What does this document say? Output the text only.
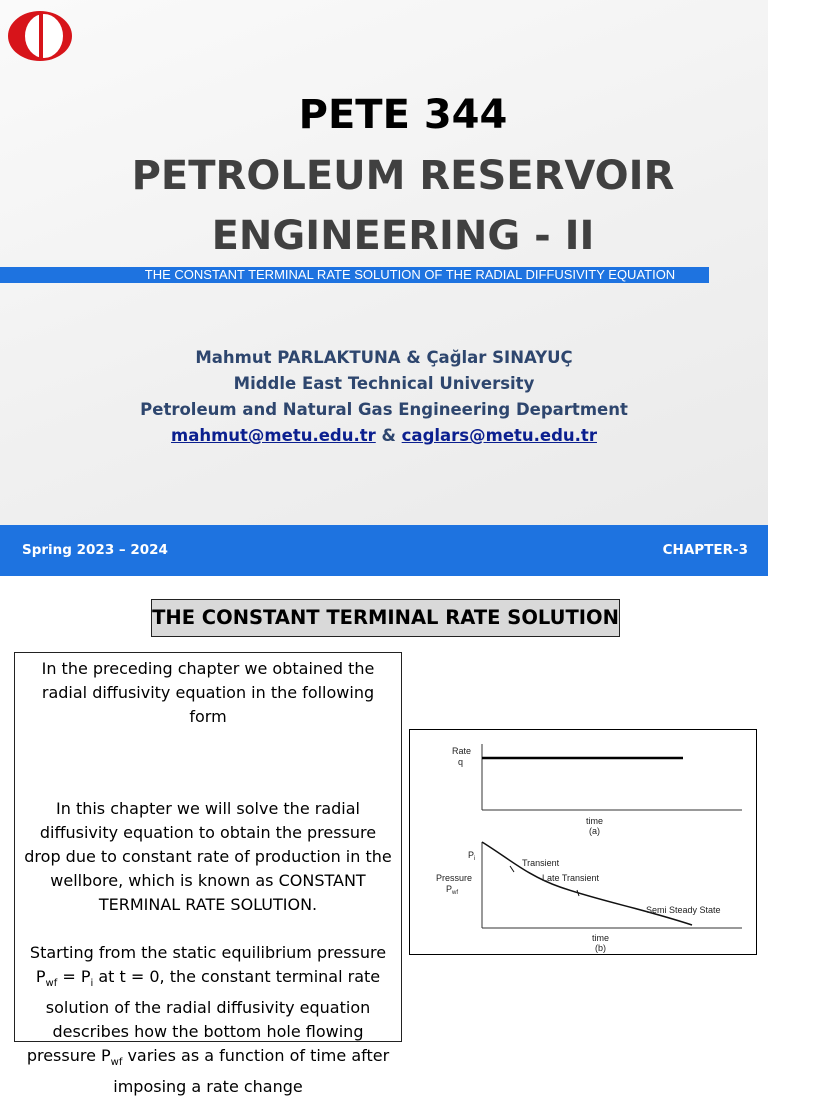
PETE 344
PETROLEUM RESERVOIR
ENGINEERING - II
THE CONSTANT TERMINAL RATE SOLUTION OF THE RADIAL DIFFUSIVITY EQUATION
Mahmut PARLAKTUNA & Çağlar SINAYUÇ
Middle East Technical University
Petroleum and Natural Gas Engineering Department
mahmut@metu.edu.tr & caglars@metu.edu.tr
Spring 2023 – 2024	CHAPTER-3
THE CONSTANT TERMINAL RATE SOLUTION

In the preceding chapter we obtained the radial diffusivity equation in the following form

In this chapter we will solve the radial diffusivity equation to obtain the pressure drop due to constant rate of production in the wellbore, which is known as CONSTANT TERMINAL RATE SOLUTION.

Starting from the static equilibrium pressure $P_{wf} = P_i$ at t = 0, the constant terminal rate solution of the radial diffusivity equation describes how the bottom hole flowing pressure $P_{wf}$ varies as a function of time after imposing a rate change

Rate
q
time
(a)
$P_i$
Pressure
$P_{wf}$
Transient
Late Transient
Semi Steady State
time
(b)
